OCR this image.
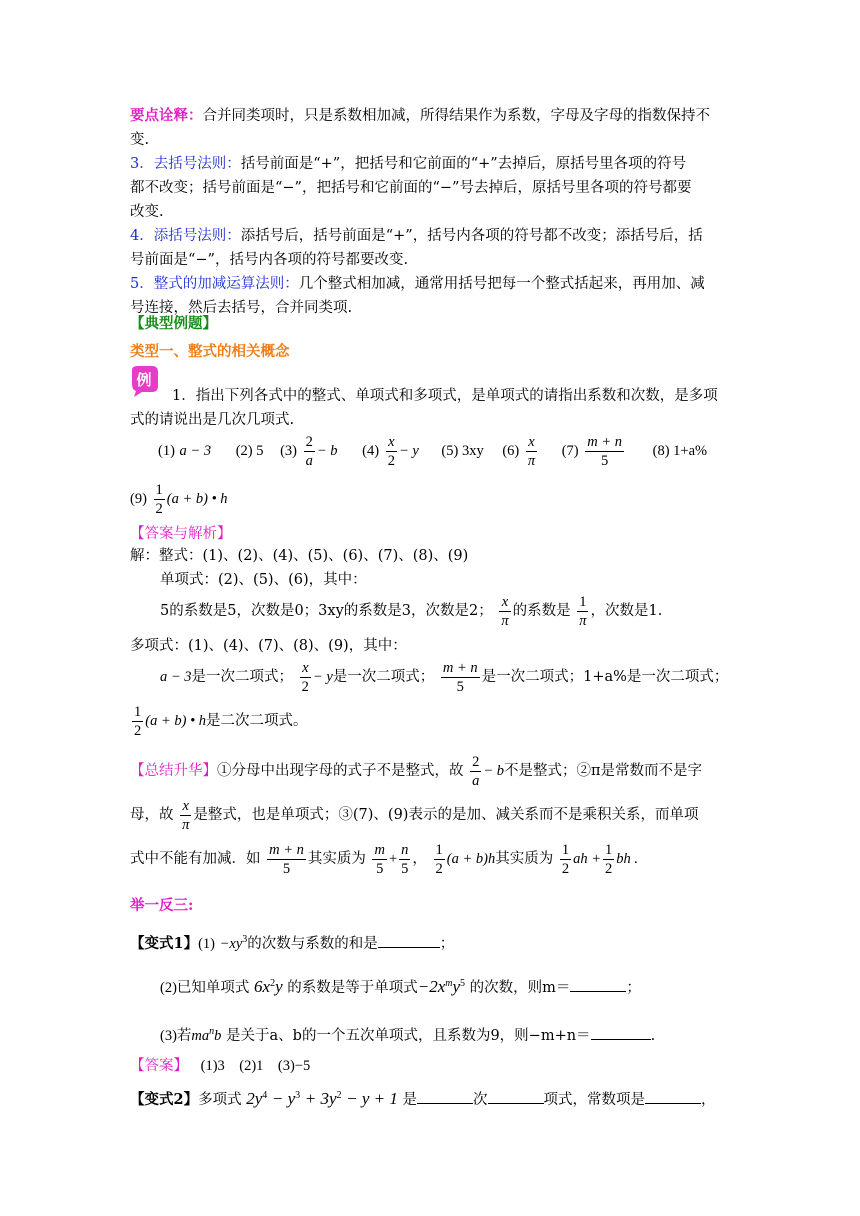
要点诠释：合并同类项时，只是系数相加减，所得结果作为系数，字母及字母的指数保持不
变.
3．去括号法则：括号前面是“+”，把括号和它前面的“+”去掉后，原括号里各项的符号
都不改变；括号前面是“−”，把括号和它前面的“−”号去掉后，原括号里各项的符号都要
改变.
4．添括号法则：添括号后，括号前面是“+”，括号内各项的符号都不改变；添括号后，括
号前面是“−”，括号内各项的符号都要改变.
5．整式的加减运算法则：几个整式相加减，通常用括号把每一个整式括起来，再用加、减
号连接，然后去括号，合并同类项.
【典型例题】
类型一、整式的相关概念
例
1．指出下列各式中的整式、单项式和多项式，是单项式的请指出系数和次数，是多项
式的请说出是几次几项式.
(1) a − 3 (2) 5 $(3) \frac{2}{a} - b$ $(4) \frac{x}{2} - y$ (5) 3xy $(6) \frac{x}{\pi} (7) \frac{m + n}{5} (8)$ 1+a%
$(9) \frac{1}{2} (a + b)$ • h
【答案与解析】
解：整式：(1)、(2)、(4)、(5)、(6)、(7)、(8)、(9)
单项式：(2)、(5)、(6)，其中：
5的系数是5，次数是0；3xy的系数是3，次数是2； $\frac{x}{\pi}$ 的系数是 $\frac{1}{\pi}$ ，次数是1.
多项式：(1)、(4)、(7)、(8)、(9)，其中：
a − 3是一次二项式； $\frac{x}{2} - y$是一次二项式； $\frac{m + n}{5}$ 是一次二项式；1+a%是一次二项式；
$\frac{1}{2} (a + b)$ • h是二次二项式。
【总结升华】①分母中出现字母的式子不是整式，故 $\frac{2}{a} - b$不是整式；②π是常数而不是字
母，故 $\frac{x}{\pi}$ 是整式，也是单项式；③(7)、(9)表示的是加、减关系而不是乘积关系，而单项
式中不能有加减．如 $\frac{m + n}{5}$ 其实质为 $\frac{m}{5} + \frac{n}{5}$ ， $\frac{1}{2} (a + b)h$其实质为 $\frac{1}{2}$ ah + $\frac{1}{2}$ bh .
举一反三:
【变式1】$(1) -xy^3$的次数与系数的和是	；
(2)已知单项式 $6x^2y$ 的系数是等于单项式$-2x^my^5$ 的次数，则m＝	；
(3)若$ma^nb$ 是关于a、b的一个五次单项式，且系数为9，则−m+n＝	.
【答案】 (1)3　(2)1　(3)−5
【变式2】多项式 $2y^4 - y^3 + 3y^2 - y + 1$ 是	次	项式，常数项是	，
